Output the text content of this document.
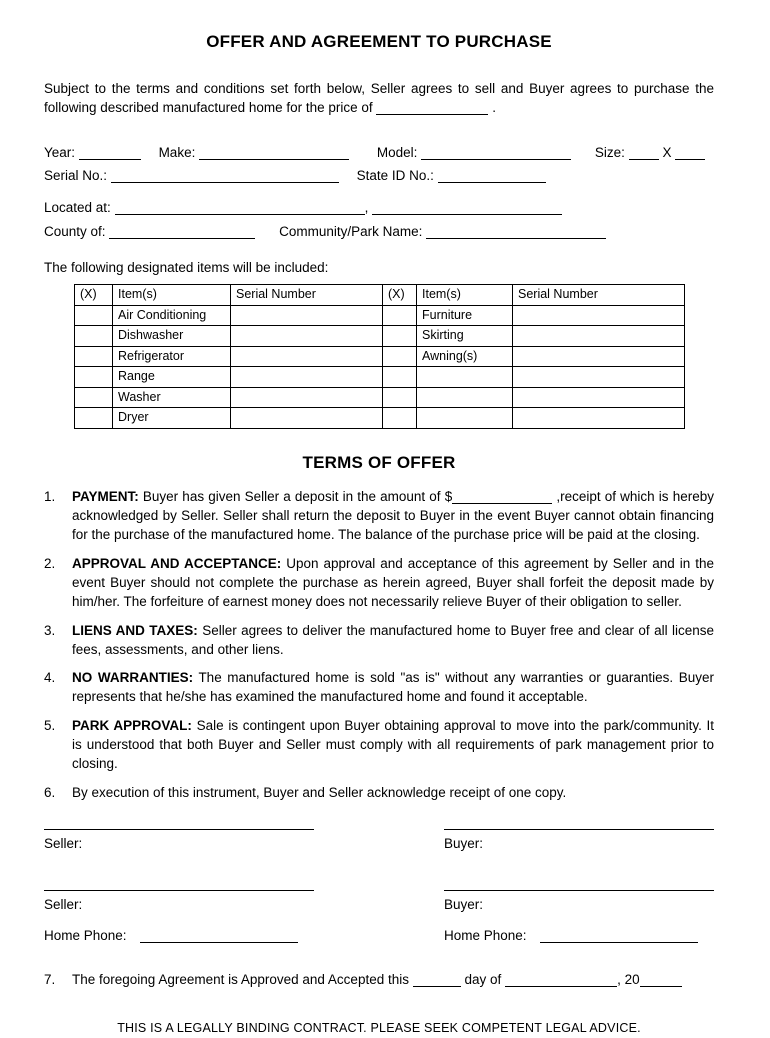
OFFER AND AGREEMENT TO PURCHASE

Subject to the terms and conditions set forth below, Seller agrees to sell and Buyer agrees to purchase the following described manufactured home for the price of	.

Year:	Make:	Model:	Size:	X
Serial No.:	State ID No.:
Located at:	,
County of:	Community/Park Name:

The following designated items will be included:

(X)	Item(s)	Serial Number	(X)	Item(s)	Serial Number
	Air Conditioning			Furniture	
	Dishwasher			Skirting	
	Refrigerator			Awning(s)	
	Range				
	Washer				
	Dryer				
TERMS OF OFFER
1.	PAYMENT: Buyer has given Seller a deposit in the amount of $	,receipt of which is hereby acknowledged by Seller. Seller shall return the deposit to Buyer in the event Buyer cannot obtain financing for the purchase of the manufactured home. The balance of the purchase price will be paid at the closing.
2.	APPROVAL AND ACCEPTANCE: Upon approval and acceptance of this agreement by Seller and in the event Buyer should not complete the purchase as herein agreed, Buyer shall forfeit the deposit made by him/her. The forfeiture of earnest money does not necessarily relieve Buyer of their obligation to seller.
3.	LIENS AND TAXES: Seller agrees to deliver the manufactured home to Buyer free and clear of all license fees, assessments, and other liens.
4.	NO WARRANTIES: The manufactured home is sold "as is" without any warranties or guaranties. Buyer represents that he/she has examined the manufactured home and found it acceptable.
5.	PARK APPROVAL: Sale is contingent upon Buyer obtaining approval to move into the park/community. It is understood that both Buyer and Seller must comply with all requirements of park management prior to closing.
6.	By execution of this instrument, Buyer and Seller acknowledge receipt of one copy.
Seller:
Seller:
Home Phone:
Buyer:
Buyer:
Home Phone:
7.	The foregoing Agreement is Approved and Accepted this	day of	, 20
THIS IS A LEGALLY BINDING CONTRACT. PLEASE SEEK COMPETENT LEGAL ADVICE.
